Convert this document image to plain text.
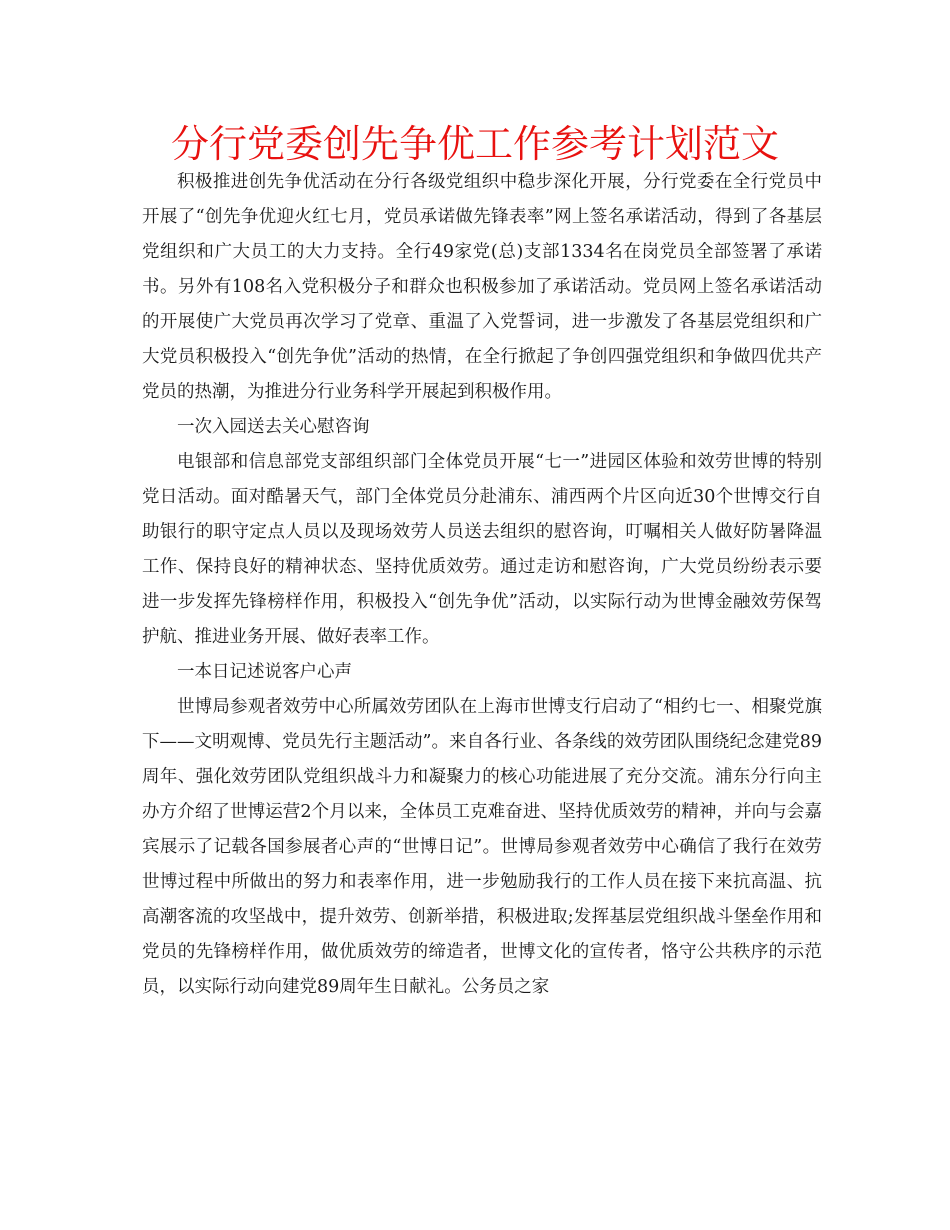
分行党委创先争优工作参考计划范文

积极推进创先争优活动在分行各级党组织中稳步深化开展，分行党委在全行党员中开展了“创先争优迎火红七月，党员承诺做先锋表率”网上签名承诺活动，得到了各基层党组织和广大员工的大力支持。全行49家党(总)支部1334名在岗党员全部签署了承诺书。另外有108名入党积极分子和群众也积极参加了承诺活动。党员网上签名承诺活动的开展使广大党员再次学习了党章、重温了入党誓词，进一步激发了各基层党组织和广大党员积极投入“创先争优”活动的热情，在全行掀起了争创四强党组织和争做四优共产党员的热潮，为推进分行业务科学开展起到积极作用。

一次入园送去关心慰咨询

电银部和信息部党支部组织部门全体党员开展“七一”进园区体验和效劳世博的特别党日活动。面对酷暑天气，部门全体党员分赴浦东、浦西两个片区向近30个世博交行自助银行的职守定点人员以及现场效劳人员送去组织的慰咨询，叮嘱相关人做好防暑降温工作、保持良好的精神状态、坚持优质效劳。通过走访和慰咨询，广大党员纷纷表示要进一步发挥先锋榜样作用，积极投入“创先争优”活动，以实际行动为世博金融效劳保驾护航、推进业务开展、做好表率工作。

一本日记述说客户心声

世博局参观者效劳中心所属效劳团队在上海市世博支行启动了“相约七一、相聚党旗下——文明观博、党员先行主题活动”。来自各行业、各条线的效劳团队围绕纪念建党89周年、强化效劳团队党组织战斗力和凝聚力的核心功能进展了充分交流。浦东分行向主办方介绍了世博运营2个月以来，全体员工克难奋进、坚持优质效劳的精神，并向与会嘉宾展示了记载各国参展者心声的“世博日记”。世博局参观者效劳中心确信了我行在效劳世博过程中所做出的努力和表率作用，进一步勉励我行的工作人员在接下来抗高温、抗高潮客流的攻坚战中，提升效劳、创新举措，积极进取;发挥基层党组织战斗堡垒作用和党员的先锋榜样作用，做优质效劳的缔造者，世博文化的宣传者，恪守公共秩序的示范员，以实际行动向建党89周年生日献礼。公务员之家
